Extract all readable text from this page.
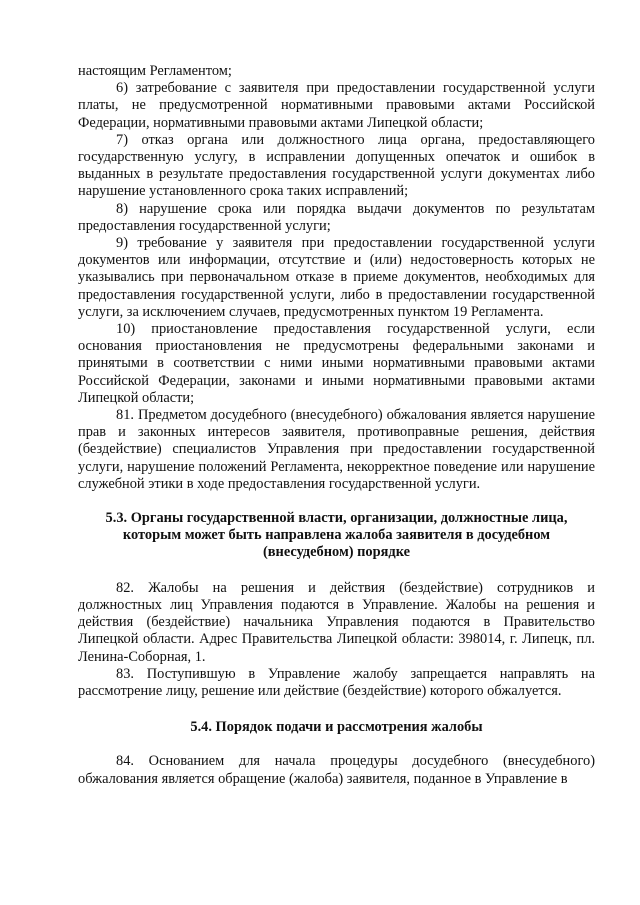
настоящим Регламентом;

6) затребование с заявителя при предоставлении государственной услуги платы, не предусмотренной нормативными правовыми актами Российской Федерации, нормативными правовыми актами Липецкой области;

7) отказ органа или должностного лица органа, предоставляющего государственную услугу, в исправлении допущенных опечаток и ошибок в выданных в результате предоставления государственной услуги документах либо нарушение установленного срока таких исправлений;

8) нарушение срока или порядка выдачи документов по результатам предоставления государственной услуги;

9) требование у заявителя при предоставлении государственной услуги документов или информации, отсутствие и (или) недостоверность которых не указывались при первоначальном отказе в приеме документов, необходимых для предоставления государственной услуги, либо в предоставлении государственной услуги, за исключением случаев, предусмотренных пунктом 19 Регламента.

10) приостановление предоставления государственной услуги, если основания приостановления не предусмотрены федеральными законами и принятыми в соответствии с ними иными нормативными правовыми актами Российской Федерации, законами и иными нормативными правовыми актами Липецкой области;

81. Предметом досудебного (внесудебного) обжалования является нарушение прав и законных интересов заявителя, противоправные решения, действия (бездействие) специалистов Управления при предоставлении государственной услуги, нарушение положений Регламента, некорректное поведение или нарушение служебной этики в ходе предоставления государственной услуги.

5.3. Органы государственной власти, организации, должностные лица, которым может быть направлена жалоба заявителя в досудебном (внесудебном) порядке

82. Жалобы на решения и действия (бездействие) сотрудников и должностных лиц Управления подаются в Управление. Жалобы на решения и действия (бездействие) начальника Управления подаются в Правительство Липецкой области. Адрес Правительства Липецкой области: 398014, г. Липецк, пл. Ленина-Соборная, 1.

83. Поступившую в Управление жалобу запрещается направлять на рассмотрение лицу, решение или действие (бездействие) которого обжалуется.

5.4. Порядок подачи и рассмотрения жалобы

84. Основанием для начала процедуры досудебного (внесудебного) обжалования является обращение (жалоба) заявителя, поданное в Управление в
